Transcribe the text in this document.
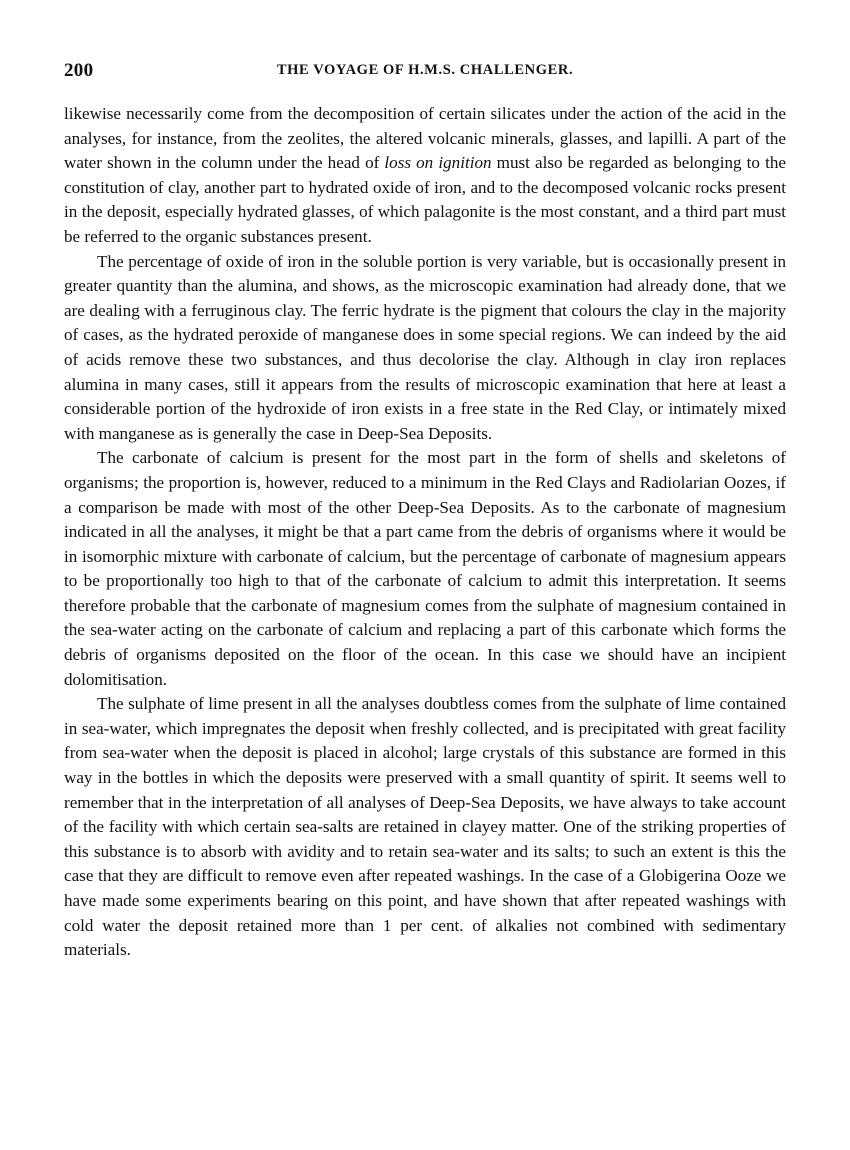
200	THE VOYAGE OF H.M.S. CHALLENGER.

likewise necessarily come from the decomposition of certain silicates under the action of the acid in the analyses, for instance, from the zeolites, the altered volcanic minerals, glasses, and lapilli. A part of the water shown in the column under the head of loss on ignition must also be regarded as belonging to the constitution of clay, another part to hydrated oxide of iron, and to the decomposed volcanic rocks present in the deposit, especially hydrated glasses, of which palagonite is the most constant, and a third part must be referred to the organic substances present.

The percentage of oxide of iron in the soluble portion is very variable, but is occasionally present in greater quantity than the alumina, and shows, as the microscopic examination had already done, that we are dealing with a ferruginous clay. The ferric hydrate is the pigment that colours the clay in the majority of cases, as the hydrated peroxide of manganese does in some special regions. We can indeed by the aid of acids remove these two substances, and thus decolorise the clay. Although in clay iron replaces alumina in many cases, still it appears from the results of microscopic examination that here at least a considerable portion of the hydroxide of iron exists in a free state in the Red Clay, or intimately mixed with manganese as is generally the case in Deep-Sea Deposits.

The carbonate of calcium is present for the most part in the form of shells and skeletons of organisms; the proportion is, however, reduced to a minimum in the Red Clays and Radiolarian Oozes, if a comparison be made with most of the other Deep-Sea Deposits. As to the carbonate of magnesium indicated in all the analyses, it might be that a part came from the debris of organisms where it would be in isomorphic mixture with carbonate of calcium, but the percentage of carbonate of magnesium appears to be proportionally too high to that of the carbonate of calcium to admit this interpretation. It seems therefore probable that the carbonate of magnesium comes from the sulphate of magnesium contained in the sea-water acting on the carbonate of calcium and replacing a part of this carbonate which forms the debris of organisms deposited on the floor of the ocean. In this case we should have an incipient dolomitisation.

The sulphate of lime present in all the analyses doubtless comes from the sulphate of lime contained in sea-water, which impregnates the deposit when freshly collected, and is precipitated with great facility from sea-water when the deposit is placed in alcohol; large crystals of this substance are formed in this way in the bottles in which the deposits were preserved with a small quantity of spirit. It seems well to remember that in the interpretation of all analyses of Deep-Sea Deposits, we have always to take account of the facility with which certain sea-salts are retained in clayey matter. One of the striking properties of this substance is to absorb with avidity and to retain sea-water and its salts; to such an extent is this the case that they are difficult to remove even after repeated washings. In the case of a Globigerina Ooze we have made some experiments bearing on this point, and have shown that after repeated washings with cold water the deposit retained more than 1 per cent. of alkalies not combined with sedimentary materials.
